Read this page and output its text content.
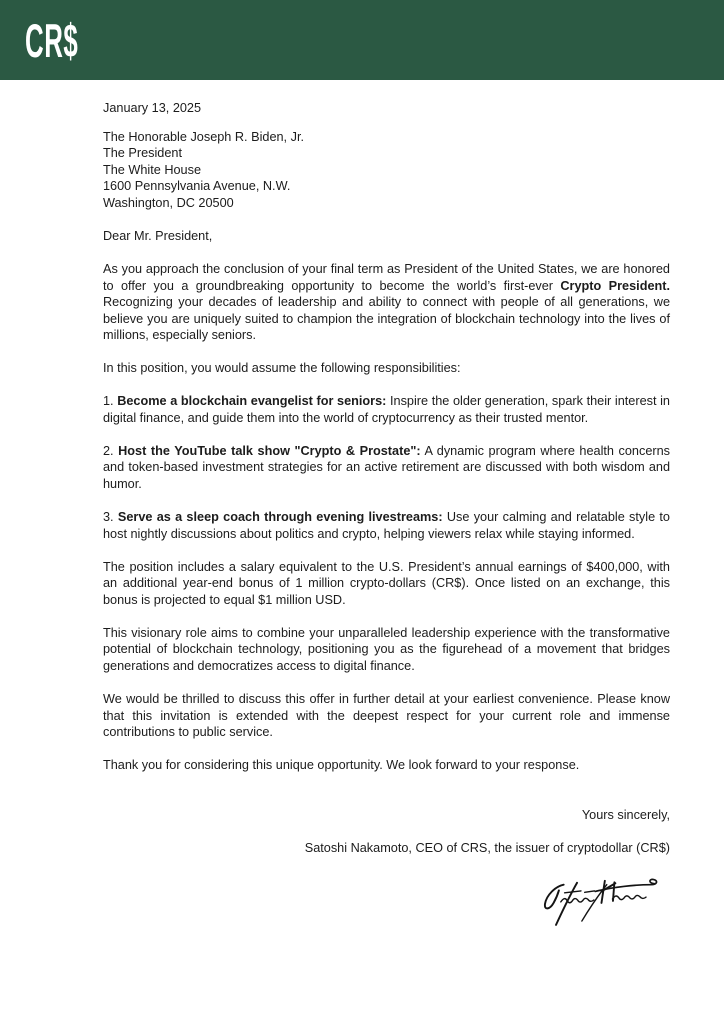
CR$

January 13, 2025

The Honorable Joseph R. Biden, Jr.
The President
The White House
1600 Pennsylvania Avenue, N.W.
Washington, DC 20500

Dear Mr. President,

As you approach the conclusion of your final term as President of the United States, we are honored to offer you a groundbreaking opportunity to become the world’s first-ever Crypto President. Recognizing your decades of leadership and ability to connect with people of all generations, we believe you are uniquely suited to champion the integration of blockchain technology into the lives of millions, especially seniors.

In this position, you would assume the following responsibilities:

1. Become a blockchain evangelist for seniors: Inspire the older generation, spark their interest in digital finance, and guide them into the world of cryptocurrency as their trusted mentor.

2. Host the YouTube talk show "Crypto & Prostate": A dynamic program where health concerns and token-based investment strategies for an active retirement are discussed with both wisdom and humor.

3. Serve as a sleep coach through evening livestreams: Use your calming and relatable style to host nightly discussions about politics and crypto, helping viewers relax while staying informed.

The position includes a salary equivalent to the U.S. President’s annual earnings of $400,000, with an additional year-end bonus of 1 million crypto-dollars (CR$). Once listed on an exchange, this bonus is projected to equal $1 million USD.

This visionary role aims to combine your unparalleled leadership experience with the transformative potential of blockchain technology, positioning you as the figurehead of a movement that bridges generations and democratizes access to digital finance.

We would be thrilled to discuss this offer in further detail at your earliest convenience. Please know that this invitation is extended with the deepest respect for your current role and immense contributions to public service.

Thank you for considering this unique opportunity. We look forward to your response.

Yours sincerely,

Satoshi Nakamoto, CEO of CRS, the issuer of cryptodollar (CR$)
